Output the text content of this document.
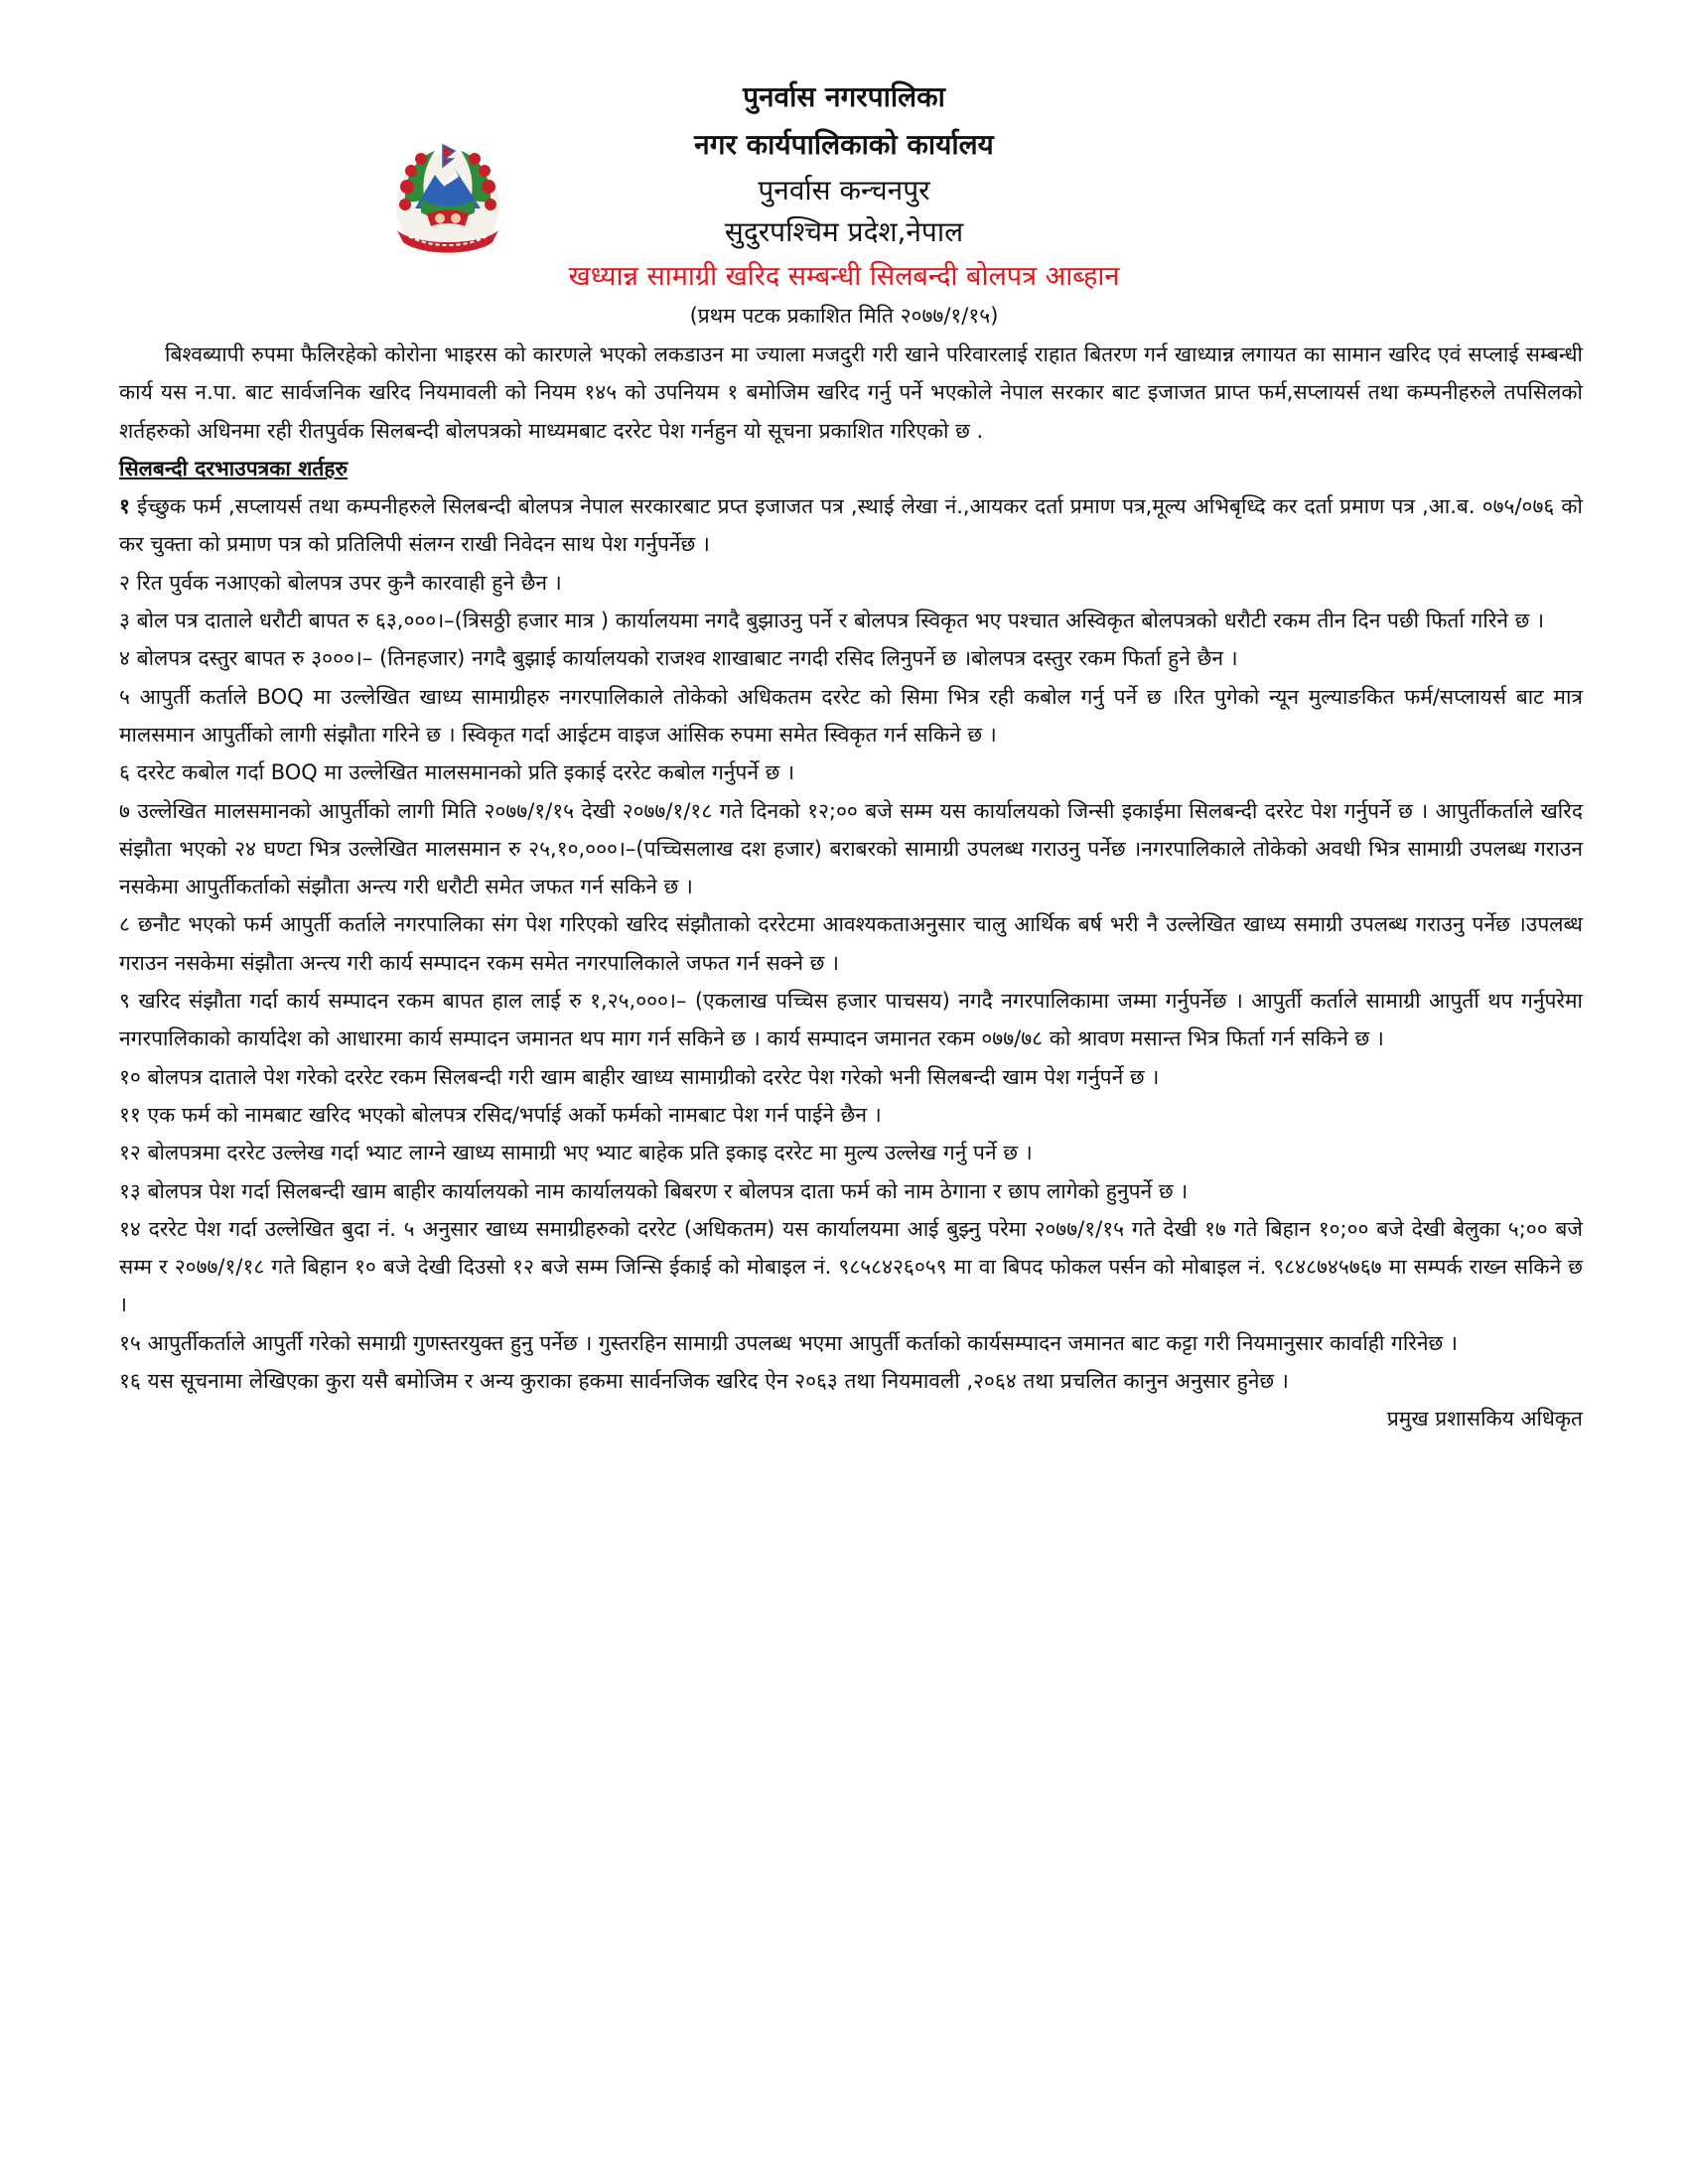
पुनर्वास नगरपालिका
नगर कार्यपालिकाको कार्यालय
पुनर्वास कन्चनपुर
सुदुरपश्चिम प्रदेश,नेपाल
खध्यान्न सामाग्री खरिद सम्बन्धी सिलबन्दी बोलपत्र आब्हान
(प्रथम पटक प्रकाशित मिति २०७७/१/१५)

बिश्वब्यापी रुपमा फैलिरहेको कोरोना भाइरस को कारणले भएको लकडाउन मा ज्याला मजदुरी गरी खाने परिवारलाई राहात बितरण गर्न खाध्यान्न लगायत का सामान खरिद एवं सप्लाई सम्बन्धी कार्य यस न.पा. बाट सार्वजनिक खरिद नियमावली को नियम १४५ को उपनियम १ बमोजिम खरिद गर्नु पर्ने भएकोले नेपाल सरकार बाट इजाजत प्राप्त फर्म,सप्लायर्स तथा कम्पनीहरुले तपसिलको शर्तहरुको अधिनमा रही रीतपुर्वक सिलबन्दी बोलपत्रको माध्यमबाट दररेट पेश गर्नहुन यो सूचना प्रकाशित गरिएको छ .

सिलबन्दी दरभाउपत्रका शर्तहरु

१ ईच्छुक फर्म ,सप्लायर्स तथा कम्पनीहरुले सिलबन्दी बोलपत्र नेपाल सरकारबाट प्रप्त इजाजत पत्र ,स्थाई लेखा नं.,आयकर दर्ता प्रमाण पत्र,मूल्य अभिबृध्दि कर दर्ता प्रमाण पत्र ,आ.ब. ०७५/०७६ को कर चुक्ता को प्रमाण पत्र को प्रतिलिपी संलग्न राखी निवेदन साथ पेश गर्नुपर्नेछ ।

२ रित पुर्वक नआएको बोलपत्र उपर कुनै कारवाही हुने छैन ।

३ बोल पत्र दाताले धरौटी बापत रु ६३,०००।–(त्रिसठ्ठी हजार मात्र ) कार्यालयमा नगदै बुझाउनु पर्ने र बोलपत्र स्विकृत भए पश्चात अस्विकृत बोलपत्रको धरौटी रकम तीन दिन पछी फिर्ता गरिने छ ।

४ बोलपत्र दस्तुर बापत रु ३०००।– (तिनहजार) नगदै बुझाई कार्यालयको राजश्व शाखाबाट नगदी रसिद लिनुपर्ने छ ।बोलपत्र दस्तुर रकम फिर्ता हुने छैन ।

५ आपुर्ती कर्ताले BOQ मा उल्लेखित खाध्य सामाग्रीहरु नगरपालिकाले तोकेको अधिकतम दररेट को सिमा भित्र रही कबोल गर्नु पर्ने छ ।रित पुगेको न्यून मुल्याङकित फर्म/सप्लायर्स बाट मात्र मालसमान आपुर्तीको लागी संझौता गरिने छ । स्विकृत गर्दा आईटम वाइज आंसिक रुपमा समेत स्विकृत गर्न सकिने छ ।

६ दररेट कबोल गर्दा BOQ मा उल्लेखित मालसमानको प्रति इकाई दररेट कबोल गर्नुपर्ने छ ।

७ उल्लेखित मालसमानको आपुर्तीको लागी मिति २०७७/१/१५ देखी २०७७/१/१८ गते दिनको १२;०० बजे सम्म यस कार्यालयको जिन्सी इकाईमा सिलबन्दी दररेट पेश गर्नुपर्ने छ । आपुर्तीकर्ताले खरिद संझौता भएको २४ घण्टा भित्र उल्लेखित मालसमान रु २५,१०,०००।–(पच्चिसलाख दश हजार) बराबरको सामाग्री उपलब्ध गराउनु पर्नेछ ।नगरपालिकाले तोकेको अवधी भित्र सामाग्री उपलब्ध गराउन नसकेमा आपुर्तीकर्ताको संझौता अन्त्य गरी धरौटी समेत जफत गर्न सकिने छ ।

८ छनौट भएको फर्म आपुर्ती कर्ताले नगरपालिका संग पेश गरिएको खरिद संझौताको दररेटमा आवश्यकताअनुसार चालु आर्थिक बर्ष भरी नै उल्लेखित खाध्य समाग्री उपलब्ध गराउनु पर्नेछ ।उपलब्ध गराउन नसकेमा संझौता अन्त्य गरी कार्य सम्पादन रकम समेत नगरपालिकाले जफत गर्न सक्ने छ ।

९ खरिद संझौता गर्दा कार्य सम्पादन रकम बापत हाल लाई रु १,२५,०००।– (एकलाख पच्चिस हजार पाचसय) नगदै नगरपालिकामा जम्मा गर्नुपर्नेछ । आपुर्ती कर्ताले सामाग्री आपुर्ती थप गर्नुपरेमा नगरपालिकाको कार्यादेश को आधारमा कार्य सम्पादन जमानत थप माग गर्न सकिने छ । कार्य सम्पादन जमानत रकम ०७७/७८ को श्रावण मसान्त भित्र फिर्ता गर्न सकिने छ ।

१० बोलपत्र दाताले पेश गरेको दररेट रकम सिलबन्दी गरी खाम बाहीर खाध्य सामाग्रीको दररेट पेश गरेको भनी सिलबन्दी खाम पेश गर्नुपर्ने छ ।

११ एक फर्म को नामबाट खरिद भएको बोलपत्र रसिद/भर्पाई अर्को फर्मको नामबाट पेश गर्न पाईने छैन ।

१२ बोलपत्रमा दररेट उल्लेख गर्दा भ्याट लाग्ने खाध्य सामाग्री भए भ्याट बाहेक प्रति इकाइ दररेट मा मुल्य उल्लेख गर्नु पर्ने छ ।

१३ बोलपत्र पेश गर्दा सिलबन्दी खाम बाहीर कार्यालयको नाम कार्यालयको बिबरण र बोलपत्र दाता फर्म को नाम ठेगाना र छाप लागेको हुनुपर्ने छ ।

१४ दररेट पेश गर्दा उल्लेखित बुदा नं. ५ अनुसार खाध्य समाग्रीहरुको दररेट (अधिकतम) यस कार्यालयमा आई बुझ्नु परेमा २०७७/१/१५ गते देखी १७ गते बिहान १०;०० बजे देखी बेलुका ५;०० बजे सम्म र २०७७/१/१८ गते बिहान १० बजे देखी दिउसो १२ बजे सम्म जिन्सि ईकाई को मोबाइल नं. ९८५८४२६०५९ मा वा बिपद फोकल पर्सन को मोबाइल नं. ९८४८७४५७६७ मा सम्पर्क राख्न सकिने छ ।

१५ आपुर्तीकर्ताले आपुर्ती गरेको समाग्री गुणस्तरयुक्त हुनु पर्नेछ । गुस्तरहिन सामाग्री उपलब्ध भएमा आपुर्ती कर्ताको कार्यसम्पादन जमानत बाट कट्टा गरी नियमानुसार कार्वाही गरिनेछ ।

१६ यस सूचनामा लेखिएका कुरा यसै बमोजिम र अन्य कुराका हकमा सार्वनजिक खरिद ऐन २०६३ तथा नियमावली ,२०६४ तथा प्रचलित कानुन अनुसार हुनेछ ।

प्रमुख प्रशासकिय अधिकृत
